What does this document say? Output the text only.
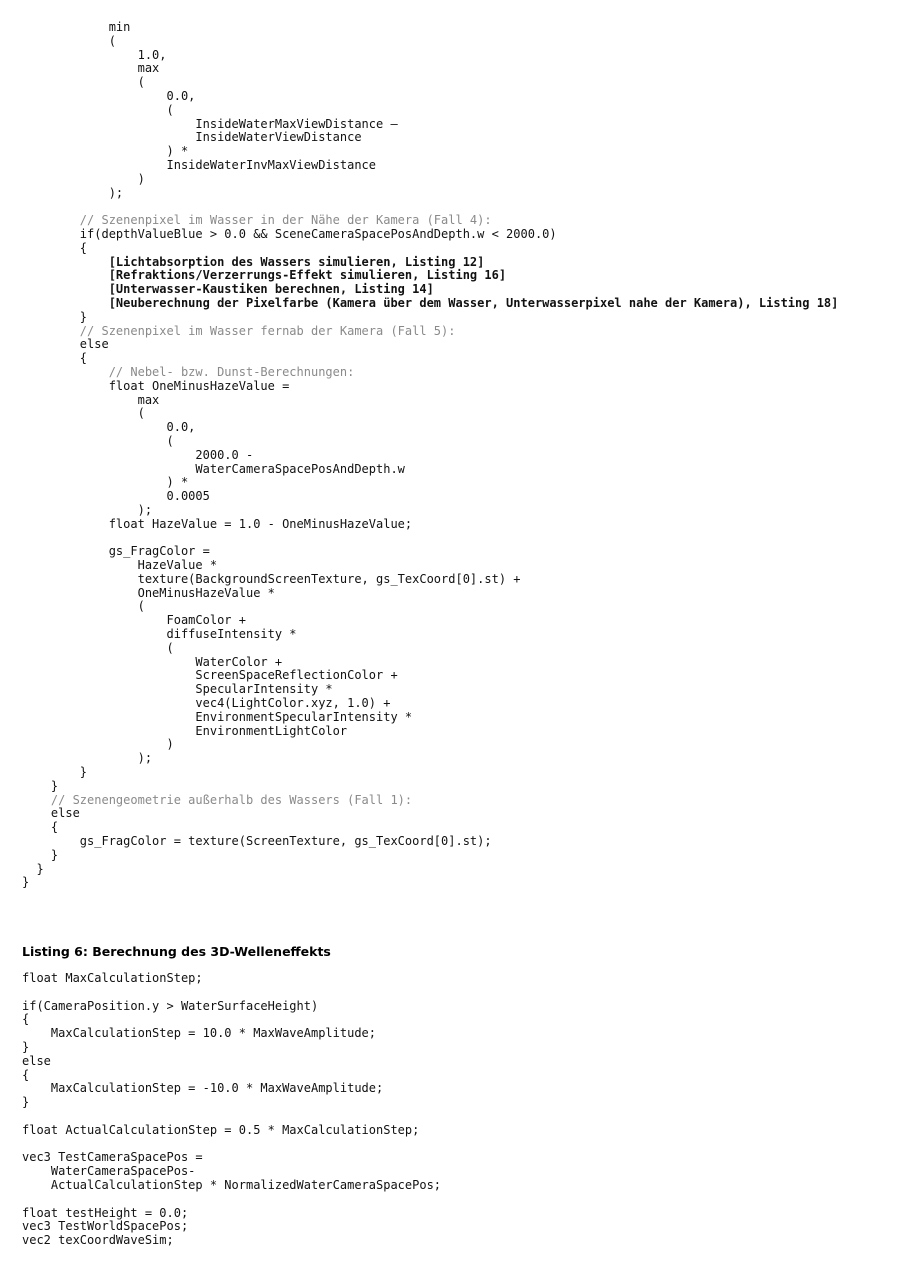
min
(
1.0,
max
(
0.0,
(
InsideWaterMaxViewDistance –
InsideWaterViewDistance
) *
InsideWaterInvMaxViewDistance
)
);
// Szenenpixel im Wasser in der Nähe der Kamera (Fall 4):
if(depthValueBlue > 0.0 && SceneCameraSpacePosAndDepth.w < 2000.0)
{
[Lichtabsorption des Wassers simulieren, Listing 12]
[Refraktions/Verzerrungs-Effekt simulieren, Listing 16]
[Unterwasser-Kaustiken berechnen, Listing 14]
[Neuberechnung der Pixelfarbe (Kamera über dem Wasser, Unterwasserpixel nahe der Kamera), Listing 18]
}
// Szenenpixel im Wasser fernab der Kamera (Fall 5):
else
{
// Nebel- bzw. Dunst-Berechnungen:
float OneMinusHazeValue =
max
(
0.0,
(
2000.0 -
WaterCameraSpacePosAndDepth.w
) *
0.0005
);
float HazeValue = 1.0 - OneMinusHazeValue;
gs_FragColor =
HazeValue *
texture(BackgroundScreenTexture, gs_TexCoord[0].st) +
OneMinusHazeValue *
(
FoamColor +
diffuseIntensity *
(
WaterColor +
ScreenSpaceReflectionColor +
SpecularIntensity *
vec4(LightColor.xyz, 1.0) +
EnvironmentSpecularIntensity *
EnvironmentLightColor
)
);
}
}
// Szenengeometrie außerhalb des Wassers (Fall 1):
else
{
gs_FragColor = texture(ScreenTexture, gs_TexCoord[0].st);
}
}
}
Listing 6: Berechnung des 3D-Welleneffekts
float MaxCalculationStep;
if(CameraPosition.y > WaterSurfaceHeight)
{
MaxCalculationStep = 10.0 * MaxWaveAmplitude;
}
else
{
MaxCalculationStep = -10.0 * MaxWaveAmplitude;
}
float ActualCalculationStep = 0.5 * MaxCalculationStep;
vec3 TestCameraSpacePos =
WaterCameraSpacePos-
ActualCalculationStep * NormalizedWaterCameraSpacePos;
float testHeight = 0.0;
vec3 TestWorldSpacePos;
vec2 texCoordWaveSim;
